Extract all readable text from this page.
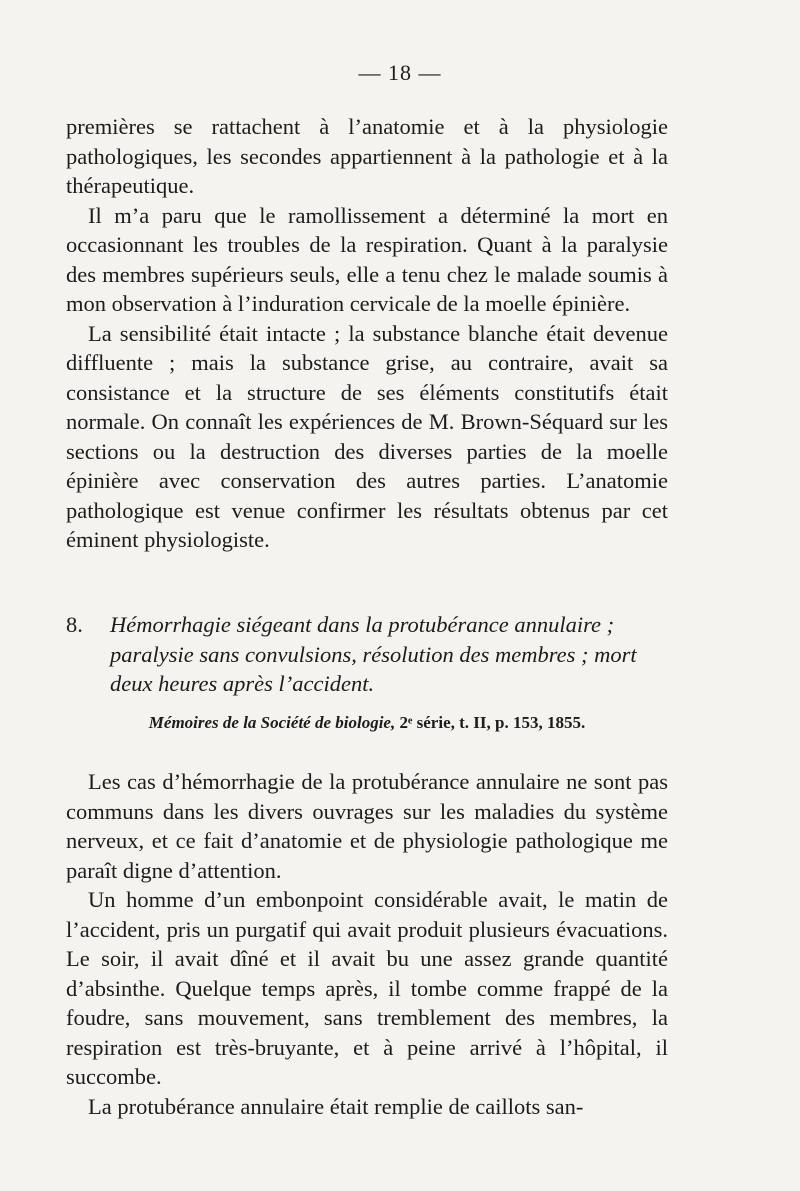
— 18 —

premières se rattachent à l’anatomie et à la physiologie pathologiques, les secondes appartiennent à la pathologie et à la thérapeutique.

Il m’a paru que le ramollissement a déterminé la mort en occasionnant les troubles de la respiration. Quant à la paralysie des membres supérieurs seuls, elle a tenu chez le malade soumis à mon observation à l’induration cervicale de la moelle épinière.

La sensibilité était intacte ; la substance blanche était devenue diffluente ; mais la substance grise, au contraire, avait sa consistance et la structure de ses éléments constitutifs était normale. On connaît les expériences de M. Brown-Séquard sur les sections ou la destruction des diverses parties de la moelle épinière avec conservation des autres parties. L’anatomie pathologique est venue confirmer les résultats obtenus par cet éminent physiologiste.

8.	Hémorrhagie siégeant dans la protubérance annulaire ; paralysie sans convulsions, résolution des membres ; mort deux heures après l’accident.
Mémoires de la Société de biologie, 2ᵉ série, t. II, p. 153, 1855.

Les cas d’hémorrhagie de la protubérance annulaire ne sont pas communs dans les divers ouvrages sur les maladies du système nerveux, et ce fait d’anatomie et de physiologie pathologique me paraît digne d’attention.

Un homme d’un embonpoint considérable avait, le matin de l’accident, pris un purgatif qui avait produit plusieurs évacuations. Le soir, il avait dîné et il avait bu une assez grande quantité d’absinthe. Quelque temps après, il tombe comme frappé de la foudre, sans mouvement, sans tremblement des membres, la respiration est très-bruyante, et à peine arrivé à l’hôpital, il succombe.

La protubérance annulaire était remplie de caillots san-
